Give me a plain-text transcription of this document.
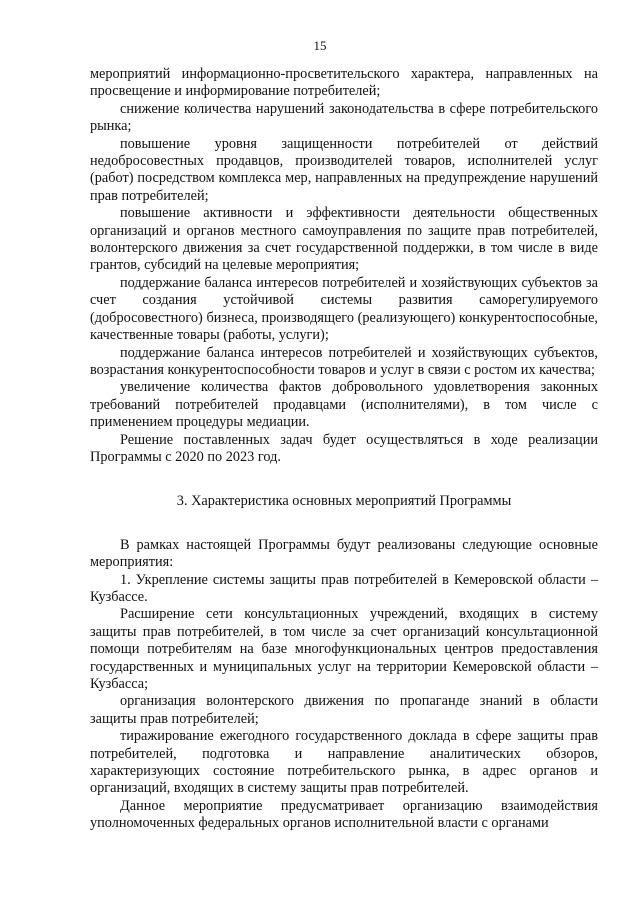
15

мероприятий информационно-просветительского характера, направленных на просвещение и информирование потребителей;

снижение количества нарушений законодательства в сфере потребительского рынка;

повышение уровня защищенности потребителей от действий недобросовестных продавцов, производителей товаров, исполнителей услуг (работ) посредством комплекса мер, направленных на предупреждение нарушений прав потребителей;

повышение активности и эффективности деятельности общественных организаций и органов местного самоуправления по защите прав потребителей, волонтерского движения за счет государственной поддержки, в том числе в виде грантов, субсидий на целевые мероприятия;

поддержание баланса интересов потребителей и хозяйствующих субъектов за счет создания устойчивой системы развития саморегулируемого (добросовестного) бизнеса, производящего (реализующего) конкурентоспособные, качественные товары (работы, услуги);

поддержание баланса интересов потребителей и хозяйствующих субъектов, возрастания конкурентоспособности товаров и услуг в связи с ростом их качества;

увеличение количества фактов добровольного удовлетворения законных требований потребителей продавцами (исполнителями), в том числе с применением процедуры медиации.

Решение поставленных задач будет осуществляться в ходе реализации Программы с 2020 по 2023 год.

3. Характеристика основных мероприятий Программы

В рамках настоящей Программы будут реализованы следующие основные мероприятия:

1. Укрепление системы защиты прав потребителей в Кемеровской области – Кузбассе.

Расширение сети консультационных учреждений, входящих в систему защиты прав потребителей, в том числе за счет организаций консультационной помощи потребителям на базе многофункциональных центров предоставления государственных и муниципальных услуг на территории Кемеровской области – Кузбасса;

организация волонтерского движения по пропаганде знаний в области защиты прав потребителей;

тиражирование ежегодного государственного доклада в сфере защиты прав потребителей, подготовка и направление аналитических обзоров, характеризующих состояние потребительского рынка, в адрес органов и организаций, входящих в систему защиты прав потребителей.

Данное мероприятие предусматривает организацию взаимодействия уполномоченных федеральных органов исполнительной власти с органами
